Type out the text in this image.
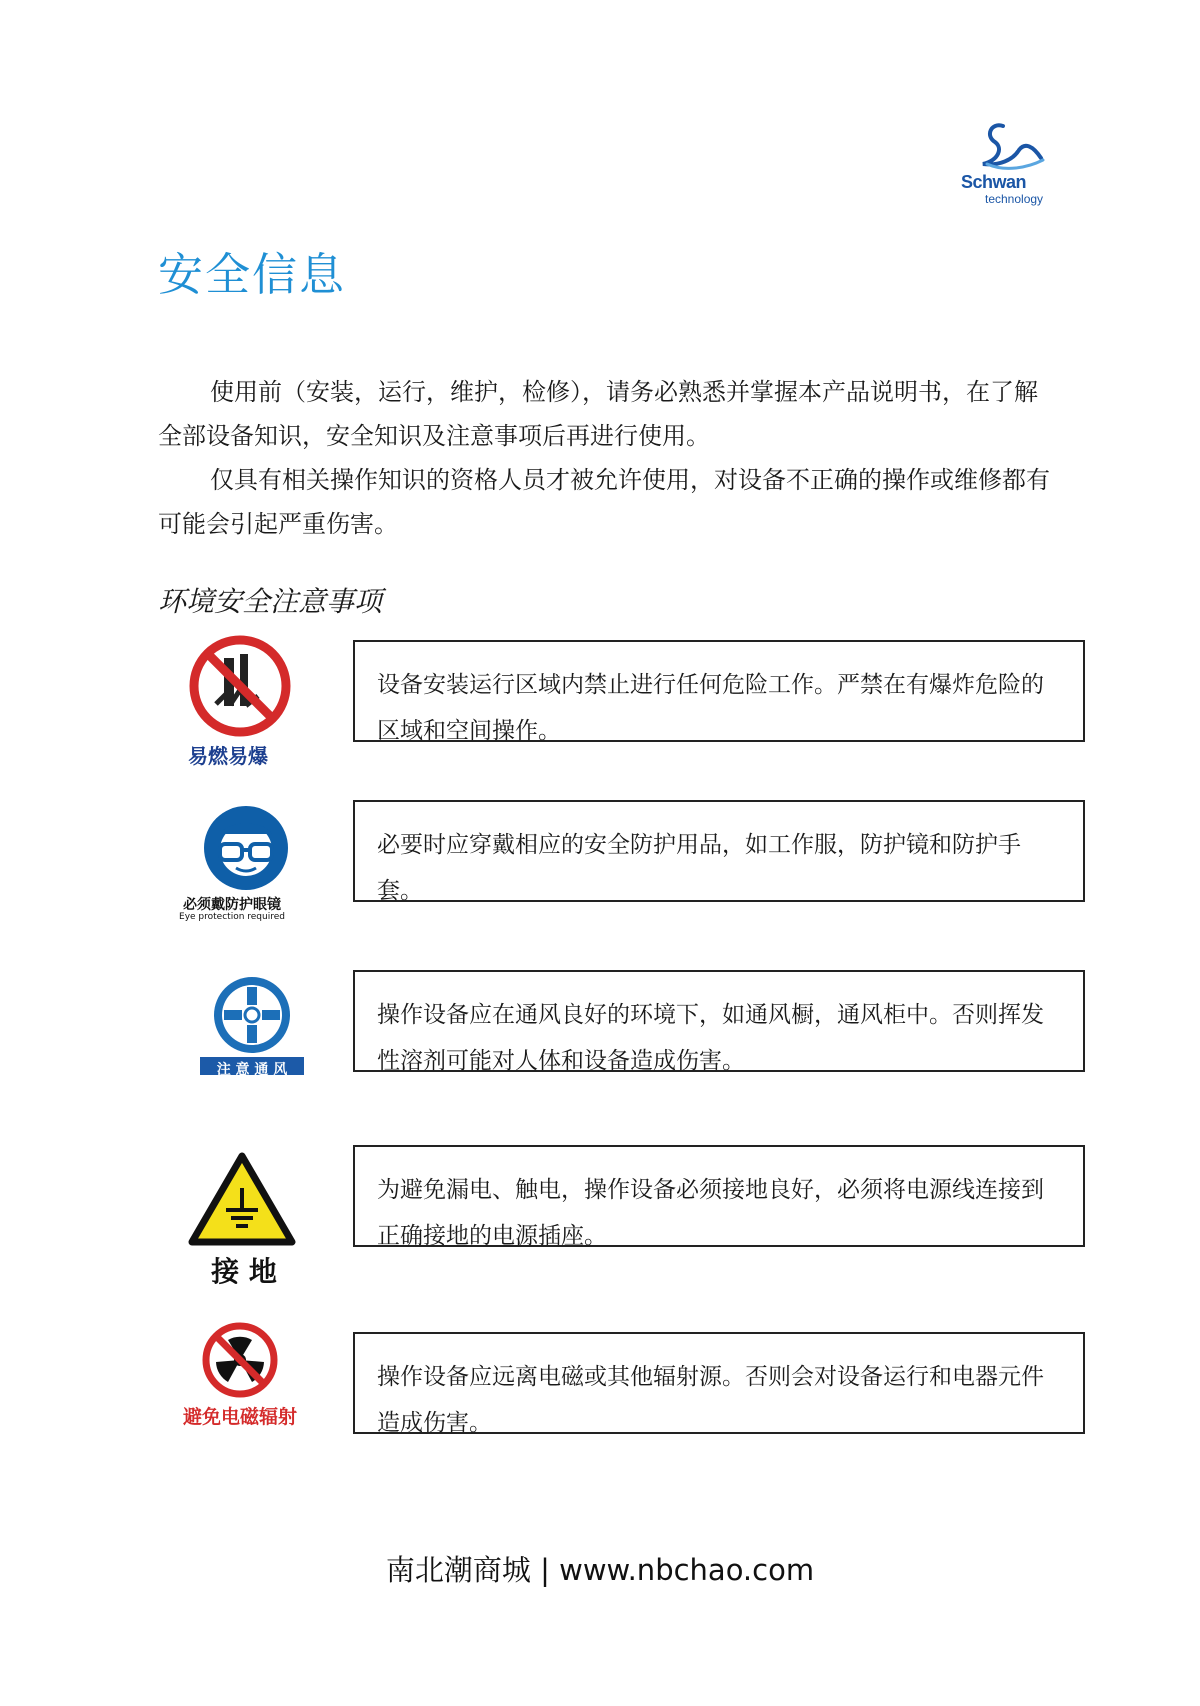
Schwan
technology
安全信息

使用前（安装，运行，维护，检修），请务必熟悉并掌握本产品说明书，在了解全部设备知识，安全知识及注意事项后再进行使用。

仅具有相关操作知识的资格人员才被允许使用，对设备不正确的操作或维修都有可能会引起严重伤害。

环境安全注意事项
易燃易爆

设备安装运行区域内禁止进行任何危险工作。严禁在有爆炸危险的区域和空间操作。

必须戴防护眼镜
Eye protection required

必要时应穿戴相应的安全防护用品，如工作服，防护镜和防护手套。

注 意 通 风

操作设备应在通风良好的环境下，如通风橱，通风柜中。否则挥发性溶剂可能对人体和设备造成伤害。

接 地

为避免漏电、触电，操作设备必须接地良好，必须将电源线连接到正确接地的电源插座。

避免电磁辐射

操作设备应远离电磁或其他辐射源。否则会对设备运行和电器元件造成伤害。

南北潮商城 | www.nbchao.com
